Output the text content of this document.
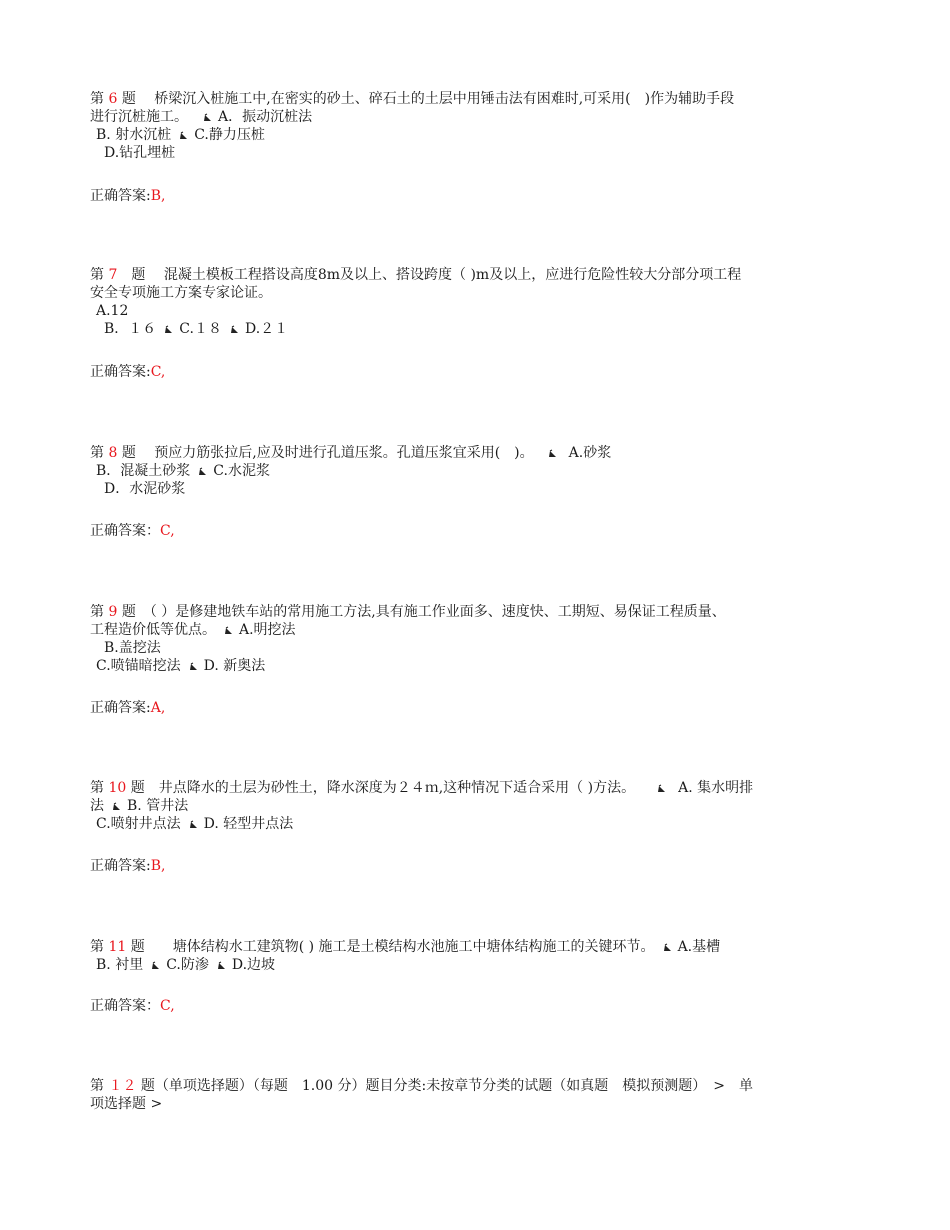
第 6 题　 桥梁沉入桩施工中,在密实的砂土、碎石土的土层中用锤击法有困难时,可采用(　)作为辅助手段
进行沉桩施工。　
A．振动沉桩法
B. 射水沉桩 C.静力压桩
D.钻孔埋桩
正确答案:B,
第 7　题　 混凝土模板工程搭设高度8m及以上、搭设跨度（ )m及以上，应进行危险性较大分部分项工程
安全专项施工方案专家论证。
A.12
B．１６ C.１８ D.２１
正确答案:C,
第 8 题　 预应力筋张拉后,应及时进行孔道压浆。孔道压浆宜采用(　)。	A.砂浆
B．混凝土砂浆 C.水泥浆
D．水泥砂浆
正确答案：C,
第 9 题　（ ）是修建地铁车站的常用施工方法,具有施工作业面多、速度快、工期短、易保证工程质量、
工程造价低等优点。 A.明挖法
B.盖挖法
C.喷锚暗挖法 D. 新奥法
正确答案:A,
第 10 题　井点降水的土层为砂性土，降水深度为２４ｍ,这种情况下适合采用（ )方法。	A. 集水明排
法 B. 管井法
C.喷射井点法 D. 轻型井点法
正确答案:B,
第 11 题　　塘体结构水工建筑物( ) 施工是土模结构水池施工中塘体结构施工的关键环节。 A.基槽
B. 衬里 C.防渗 D.边坡
正确答案：C,
第 １２ 题（单项选择题）（每题　1.00 分）题目分类:未按章节分类的试题（如真题　模拟预测题）　>　单
项选择题 >
